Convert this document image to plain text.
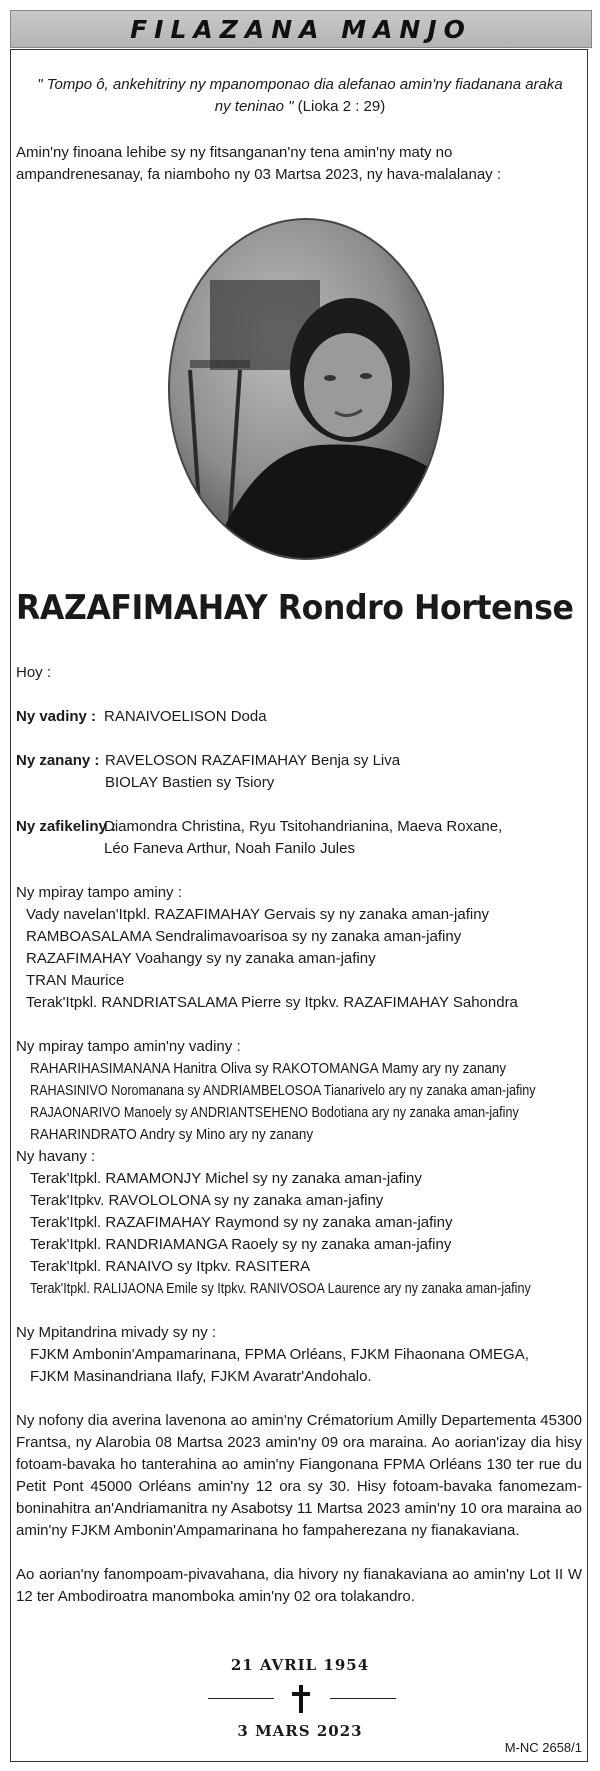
FILAZANA MANJO
" Tompo ô, ankehitriny ny mpanomponao dia alefanao amin'ny fiadanana araka ny teninao " (Lioka 2 : 29)
Amin'ny finoana lehibe sy ny fitsanganan'ny tena amin'ny maty no ampandrenesanay, fa niamboho ny 03 Martsa 2023, ny hava-malalanay :
RAZAFIMAHAY Rondro Hortense
Hoy :
Ny vadiny : RANAIVOELISON Doda
Ny zanany : RAVELOSON RAZAFIMAHAY Benja sy Liva
BIOLAY Bastien sy Tsiory
Ny zafikeliny :
Diamondra Christina, Ryu Tsitohandrianina, Maeva Roxane,
Léo Faneva Arthur, Noah Fanilo Jules
Ny mpiray tampo aminy :
Vady navelan'Itpkl. RAZAFIMAHAY Gervais sy ny zanaka aman-jafiny
RAMBOASALAMA Sendralimavoarisoa sy ny zanaka aman-jafiny
RAZAFIMAHAY Voahangy sy ny zanaka aman-jafiny
TRAN Maurice
Terak'Itpkl. RANDRIATSALAMA Pierre sy Itpkv. RAZAFIMAHAY Sahondra
Ny mpiray tampo amin'ny vadiny :
RAHARIHASIMANANA Hanitra Oliva sy RAKOTOMANGA Mamy ary ny zanany
RAHASINIVO Noromanana sy ANDRIAMBELOSOA Tianarivelo ary ny zanaka aman-jafiny
RAJAONARIVO Manoely sy ANDRIANTSEHENO Bodotiana ary ny zanaka aman-jafiny
RAHARINDRATO Andry sy Mino ary ny zanany
Ny havany :
Terak'Itpkl. RAMAMONJY Michel sy ny zanaka aman-jafiny
Terak'Itpkv. RAVOLOLONA sy ny zanaka aman-jafiny
Terak'Itpkl. RAZAFIMAHAY Raymond sy ny zanaka aman-jafiny
Terak'Itpkl. RANDRIAMANGA Raoely sy ny zanaka aman-jafiny
Terak'Itpkl. RANAIVO sy Itpkv. RASITERA
Terak'Itpkl. RALIJAONA Emile sy Itpkv. RANIVOSOA Laurence ary ny zanaka aman-jafiny
Ny Mpitandrina mivady sy ny :
FJKM Ambonin'Ampamarinana, FPMA Orléans, FJKM Fihaonana OMEGA,
FJKM Masinandriana Ilafy, FJKM Avaratr'Andohalo.
Ny nofony dia averina lavenona ao amin'ny Crématorium Amilly Departementa 45300 Frantsa, ny Alarobia 08 Martsa 2023 amin'ny 09 ora maraina. Ao aorian'izay dia hisy fotoam-bavaka ho tanterahina ao amin'ny Fiangonana FPMA Orléans 130 ter rue du Petit Pont 45000 Orléans amin'ny 12 ora sy 30. Hisy fotoam-bavaka fanomezam-boninahitra an'Andriamanitra ny Asabotsy 11 Martsa 2023 amin'ny 10 ora maraina ao amin'ny FJKM Ambonin'Ampamarinana ho fampaherezana ny fianakaviana.
Ao aorian'ny fanompoam-pivavahana, dia hivory ny fianakaviana ao amin'ny Lot II W 12 ter Ambodiroatra manomboka amin'ny 02 ora tolakandro.
21 AVRIL 1954
3 MARS 2023
M-NC 2658/1
